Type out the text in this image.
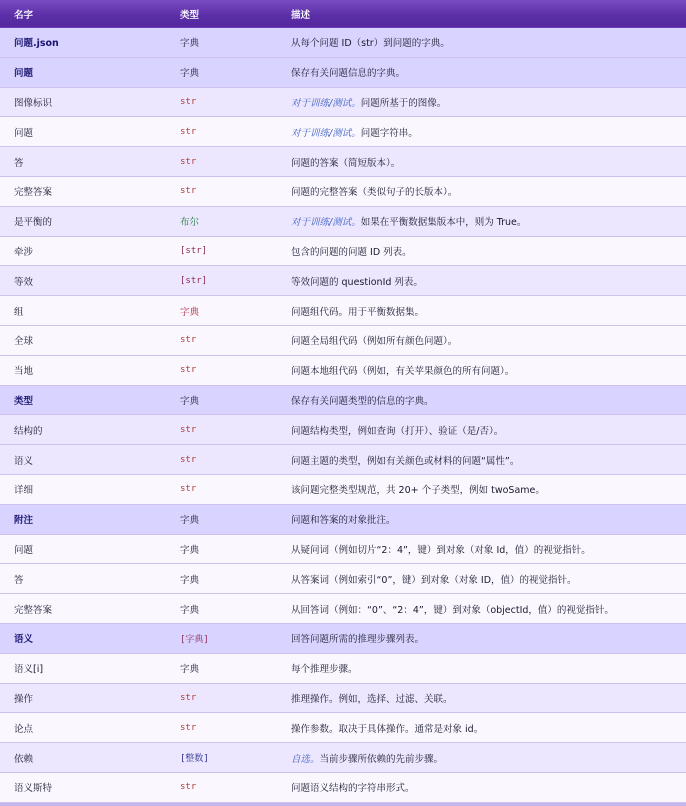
名字	类型	描述
问题.json	字典	从每个问题 ID（str）到问题的字典。
问题	字典	保存有关问题信息的字典。
图像标识	str	对于训练/测试。问题所基于的图像。
问题	str	对于训练/测试。问题字符串。
答	str	问题的答案（简短版本）。
完整答案	str	问题的完整答案（类似句子的长版本）。
是平衡的	布尔	对于训练/测试。如果在平衡数据集版本中，则为 True。
牵涉	[str]	包含的问题的问题 ID 列表。
等效	[str]	等效问题的 questionId 列表。
组	字典	问题组代码。用于平衡数据集。
全球	str	问题全局组代码（例如所有颜色问题）。
当地	str	问题本地组代码（例如，有关苹果颜色的所有问题）。
类型	字典	保存有关问题类型的信息的字典。
结构的	str	问题结构类型，例如查询（打开）、验证（是/否）。
语义	str	问题主题的类型，例如有关颜色或材料的问题“属性”。
详细	str	该问题完整类型规范，共 20+ 个子类型，例如 twoSame。
附注	字典	问题和答案的对象批注。
问题	字典	从疑问词（例如切片“2：4”，键）到对象（对象 Id，值）的视觉指针。
答	字典	从答案词（例如索引“0”，键）到对象（对象 ID，值）的视觉指针。
完整答案	字典	从回答词（例如：“0”、“2：4”，键）到对象（objectId，值）的视觉指针。
语义	[字典]	回答问题所需的推理步骤列表。
语义[i]	字典	每个推理步骤。
操作	str	推理操作。例如，选择、过滤、关联。
论点	str	操作参数。取决于具体操作。通常是对象 id。
依赖	[整数]	自选。当前步骤所依赖的先前步骤。
语义斯特	str	问题语义结构的字符串形式。
